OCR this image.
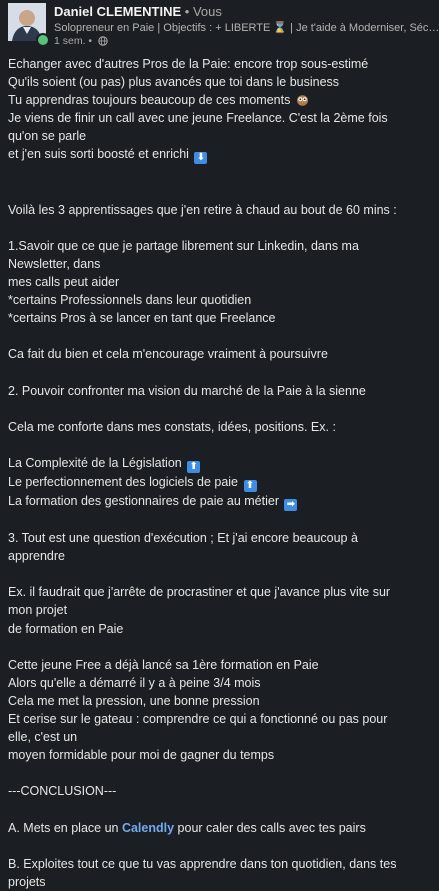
Daniel CLEMENTINE • Vous
Solopreneur en Paie | Objectifs : + LIBERTE ⌛ | Je t'aide à Moderniser, Séc…
1 sem. •

Echanger avec d'autres Pros de la Paie: encore trop sous-estimé

Qu'ils soient (ou pas) plus avancés que toi dans le business

Tu apprendras toujours beaucoup de ces moments

Je viens de finir un call avec une jeune Freelance. C'est la 2ème fois qu'on se parle

et j'en suis sorti boosté et enrichi ⬇

Voilà les 3 apprentissages que j'en retire à chaud au bout de 60 mins :

1.Savoir que ce que je partage librement sur Linkedin, dans ma Newsletter, dans

mes calls peut aider

*certains Professionnels dans leur quotidien

*certains Pros à se lancer en tant que Freelance

Ca fait du bien et cela m'encourage vraiment à poursuivre

2. Pouvoir confronter ma vision du marché de la Paie à la sienne

Cela me conforte dans mes constats, idées, positions. Ex. :

La Complexité de la Législation ⬆

Le perfectionnement des logiciels de paie ⬆

La formation des gestionnaires de paie au métier ➡

3. Tout est une question d'exécution ; Et j'ai encore beaucoup à apprendre

Ex. il faudrait que j'arrête de procrastiner et que j'avance plus vite sur mon projet

de formation en Paie

Cette jeune Free a déjà lancé sa 1ère formation en Paie

Alors qu'elle a démarré il y a à peine 3/4 mois

Cela me met la pression, une bonne pression

Et cerise sur le gateau : comprendre ce qui a fonctionné ou pas pour elle, c'est un

moyen formidable pour moi de gagner du temps

---CONCLUSION---

A. Mets en place un Calendly pour caler des calls avec tes pairs

B. Exploites tout ce que tu vas apprendre dans ton quotidien, dans tes projets
